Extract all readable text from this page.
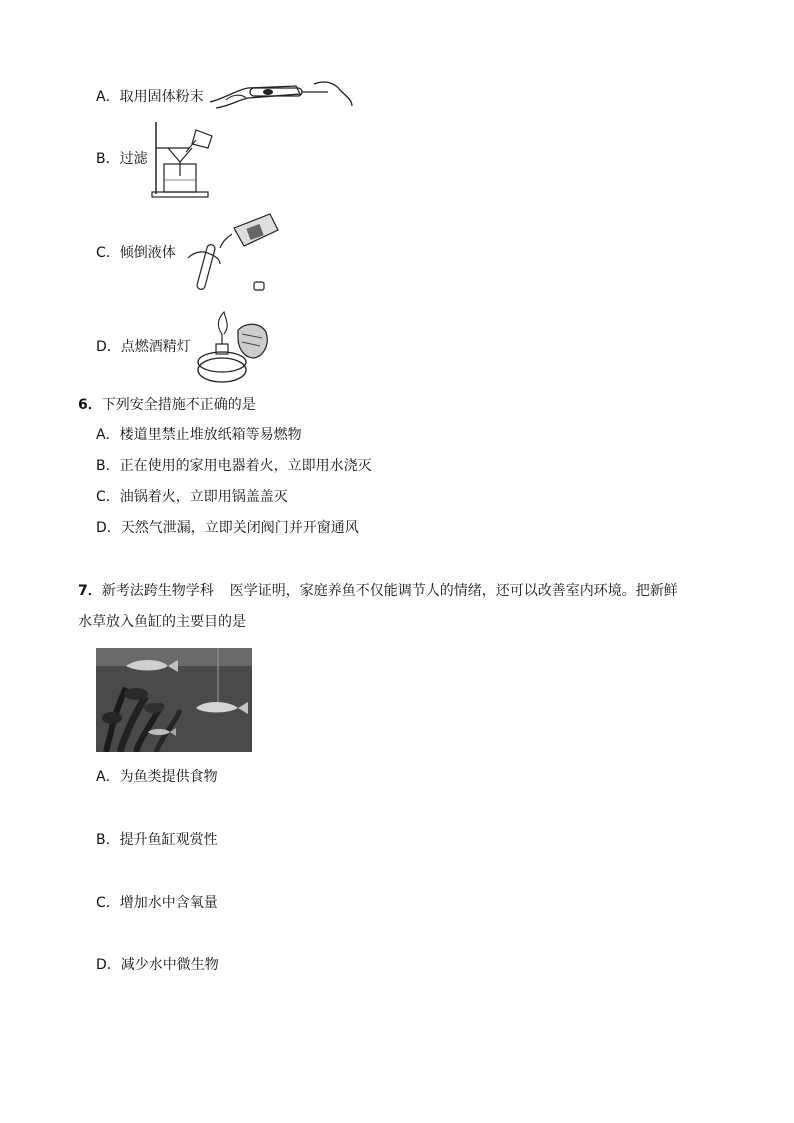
A．取用固体粉末
B．过滤
C．倾倒液体
D．点燃酒精灯
6．下列安全措施不正确的是
A．楼道里禁止堆放纸箱等易燃物
B．正在使用的家用电器着火，立即用水浇灭
C．油锅着火，立即用锅盖盖灭
D．天然气泄漏，立即关闭阀门并开窗通风
7．新考法跨生物学科 医学证明，家庭养鱼不仅能调节人的情绪，还可以改善室内环境。把新鲜
水草放入鱼缸的主要目的是
A．为鱼类提供食物
B．提升鱼缸观赏性
C．增加水中含氧量
D．减少水中微生物
